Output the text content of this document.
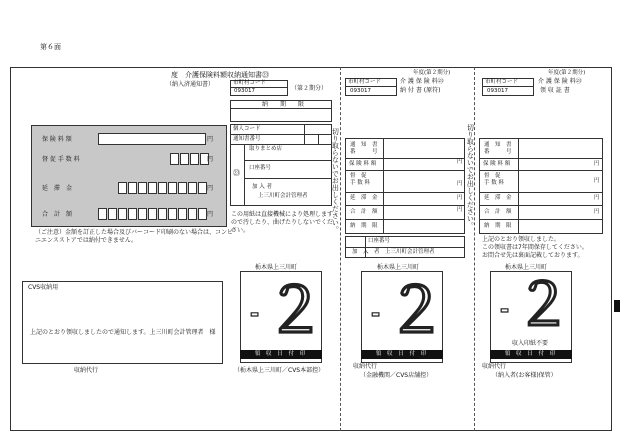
第６面
度　介護保険料額収納通知書㉓
（納入済通知書）
保 険 料 額	円
督 促 手 数 料	円
延　滞　金	円
合　計　額	円
（ご注意）金額を訂正した場合及びバーコード印刷のない場合は、コンビニエンスストアでは納付できません。
CVS収納用
上記のとおり領収しましたので通知します。上三川町会計管理者　様
収納代行
市町村コード
093017	（第２期分）
納　　期　　限
個人コード
通知書番号
取りまとめ店
口座番号
㉓
加 入 者
上三川町会計管理者
この用紙は直接機械により処理しますので汚したり、曲げたりしないでください。	切り取らないでお出しください。
栃木県上三川町
- ２
領 収 日 付 印
（栃木県上三川町／CVS本部控）
市町村コード
093017
年度(第２期分)
介 護 保 険 料㉓
納 付 書 (原符)
通　知　書
番　　　号
保 険 料 額	円
督　促
手 数 料	円
延　滞　金	円
合　計　額	円
納　期　限
口座番号
加　入　者　上三川町会計管理者
切り取らないでお出しください。
栃木県上三川町
- ２
領 収 日 付 印
収納代行
（金融機関／CVS店舗控）
市町村コード
093017
年度(第２期分)
介 護 保 険 料㉓
領 収 証 書
通　知　書
番　　　号
保 険 料 額	円
督　促
手 数 料	円
延　滞　金	円
合　計　額	円
納　期　限
上記のとおり領収しました。
この領収書は7年間保存してください。
お問合せ先は裏面記載しております。
栃木県上三川町
- ２
収入印紙不要
領 収 日 付 印
収納代行
（納入者(お客様)保管）
